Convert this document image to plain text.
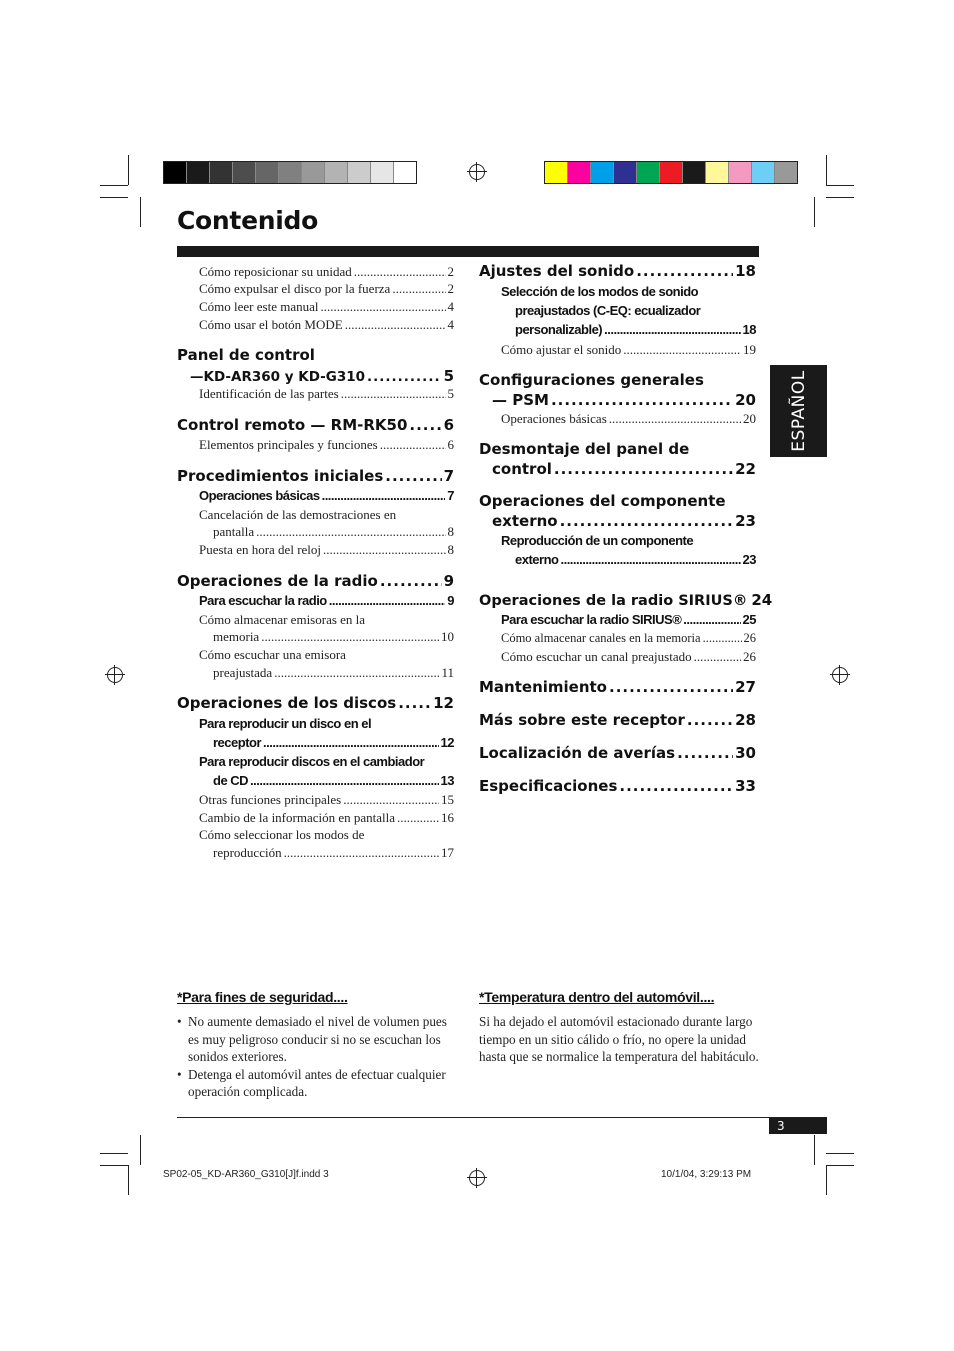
Contenido
ESPAÑOL
Cómo reposicionar su unidad .....	2
Cómo expulsar el disco por la fuerza .....	2
Cómo leer este manual .....	4
Cómo usar el botón MODE .....	4
Panel de control
—KD-AR360 y KD-G310 .....	5
Identificación de las partes .....	5
Control remoto — RM-RK50 ..... 6
Elementos principales y funciones .....	6
Procedimientos iniciales .....	7
Operaciones básicas .....	7
Cancelación de las demostraciones en
pantalla .....	8
Puesta en hora del reloj .....	8
Operaciones de la radio .....	9
Para escuchar la radio .....	9
Cómo almacenar emisoras en la
memoria .....	10
Cómo escuchar una emisora
preajustada .....	11
Operaciones de los discos ..... 12
Para reproducir un disco en el
receptor .....	12
Para reproducir discos en el cambiador
de CD .....	13
Otras funciones principales .....	15
Cambio de la información en pantalla .....	16
Cómo seleccionar los modos de
reproducción .....	17
Ajustes del sonido .....	18
Selección de los modos de sonido
preajustados (C-EQ: ecualizador
personalizable) .....	18
Cómo ajustar el sonido .....	19
Configuraciones generales
— PSM .....	20
Operaciones básicas .....	20
Desmontaje del panel de
control .....	22
Operaciones del componente
externo .....	23
Reproducción de un componente
externo .....	23
Operaciones de la radio SIRIUS® 24
Para escuchar la radio SIRIUS® .....	25
Cómo almacenar canales en la memoria .....	26
Cómo escuchar un canal preajustado .....	26
Mantenimiento .....	27
Más sobre este receptor .....	28
Localización de averías .....	30
Especificaciones .....	33
*Para fines de seguridad....
• No aumente demasiado el nivel de volumen pues es muy peligroso conducir si no se escuchan los sonidos exteriores.
• Detenga el automóvil antes de efectuar cualquier operación complicada.
*Temperatura dentro del automóvil....
Si ha dejado el automóvil estacionado durante largo tiempo en un sitio cálido o frío, no opere la unidad hasta que se normalice la temperatura del habitáculo.
3
SP02-05_KD-AR360_G310[J]f.indd 3	10/1/04, 3:29:13 PM
